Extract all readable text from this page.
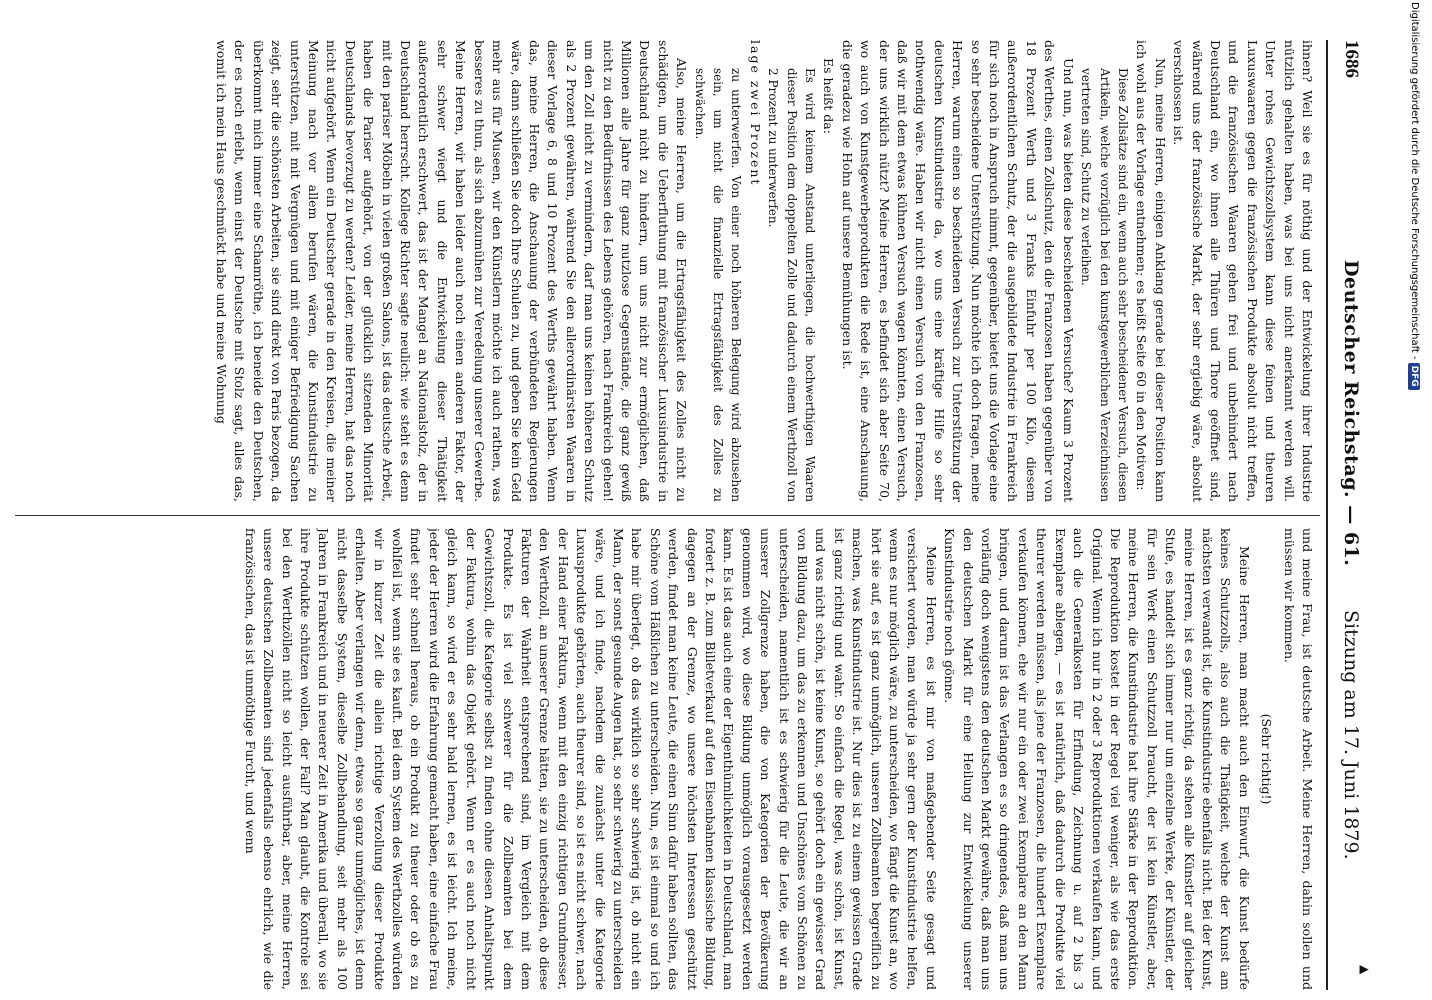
1686
Deutscher Reichstag. — 61.
Sitzung am 17. Juni 1879.
▲

ihnen? Weil sie es für nöthig und der Entwickelung ihrer Industrie nützlich gehalten haben, was bei uns nicht anerkannt werden will. Unter rohes Gewichtszollsystem kann diese feinen und theuren Luxuswaaren gegen die französischen Produkte absolut nicht treffen, und die französischen Waaren gehen frei und unbehindert nach Deutschland ein, wo ihnen alle Thüren und Thore geöffnet sind, während uns der französische Markt, der sehr ergiebig wäre, absolut verschlossen ist.

Nun, meine Herren, einigen Anklang gerade bei dieser Position kann ich wohl aus der Vorlage entnehmen; es heißt Seite 60 in den Motiven:

Diese Zollsätze sind ein, wenn auch sehr bescheidener Versuch, diesen Artikeln, welche vorzüglich bei den kunstgewerblichen Verzeichnissen vertreten sind, Schutz zu verleihen.

Und nun, was bieten diese bescheidenen Versuche? Kaum 3 Prozent des Werthes, einen Zollschutz, den die Franzosen haben gegenüber von 18 Prozent Werth und 3 Franks Einfuhr per 100 Kilo, diesem außerordentlichen Schutz, der die ausgebildete Industrie in Frankreich für sich noch in Anspruch nimmt, gegenüber, bietet uns die Vorlage eine so sehr bescheidene Unterstützung. Nun möchte ich doch fragen, meine Herren, warum einen so bescheidenen Versuch zur Unterstützung der deutschen Kunstindustrie da, wo uns eine kräftige Hilfe so sehr nothwendig wäre. Haben wir nicht einen Versuch von den Franzosen, daß wir mit dem etwas kühnen Versuch wagen könnten, einen Versuch, der uns wirklich nützt? Meine Herren, es befindet sich aber Seite 70, wo auch von Kunstgewerbeprodukten die Rede ist, eine Anschauung, die geradezu wie Hohn auf unsere Bemühungen ist.

Es heißt da:

Es wird keinem Anstand unterliegen, die hochwerthigen Waaren dieser Position dem doppelten Zolle und dadurch einem Werthzoll von 2 Prozent zu unterwerfen.

lage zwei Prozent

zu unterwerfen. Von einer noch höheren Belegung wird abzusehen sein, um nicht die finanzielle Ertragsfähigkeit des Zolles zu schwächen.

Also, meine Herren, um die Ertragsfähigkeit des Zolles nicht zu schädigen, um die Ueberfluthung mit französischer Luxusindustrie in Deutschland nicht zu hindern, um uns nicht zur ermöglichen, daß Millionen alle Jahre für ganz nutzlose Gegenstände, die ganz gewiß nicht zu den Bedürfnissen des Lebens gehören, nach Frankreich gehen! um den Zoll nicht zu vermindern, darf man uns keinen höheren Schutz als 2 Prozent gewähren, während Sie den allerordinärsten Waaren in dieser Vorlage 6, 8 und 10 Prozent des Werths gewährt haben. Wenn das, meine Herren, die Anschauung der verbündeten Regierungen wäre, dann schließen Sie doch Ihre Schulen zu, und geben Sie kein Geld mehr aus für Museen, wir den Künstlern möchte ich auch rathen, was besseres zu thun, als sich abzumühen zur Veredelung unserer Gewerbe. Meine Herren, wir haben leider auch noch einen anderen Faktor, der sehr schwer wiegt und die Entwickelung dieser Thätigkeit außerordentlich erschwert, das ist der Mangel an Nationalstolz, der in Deutschland herrscht. Kollege Richter sagte neulich: wie steht es denn mit den pariser Möbeln in vielen großen Salons, ist das deutsche Arbeit, haben die Pariser aufgehört, von der glücklich sitzenden Minorität Deutschlands bevorzugt zu werden? Leider, meine Herren, hat das noch nicht aufgehört. Wenn ein Deutscher gerade in den Kreisen, die meiner Meinung nach vor allem berufen wären, die Kunstindustrie zu unterstützen, mit mit Vergnügen und mit einiger Befriedigung Sachen zeigt, sehr die schönsten Arbeiten, sie sind direkt von Paris bezogen, da überkommt mich immer eine Schamröthe, ich beneide den Deutschen, der es noch erlebt, wenn einst der Deutsche mit Stolz sagt, alles das, womit ich mein Haus geschmückt habe und meine Wohnung

und meine Frau, ist deutsche Arbeit. Meine Herren, dahin sollen und müssen wir kommen.

(Sehr richtig!)

Meine Herren, man macht auch den Einwurf, die Kunst bedürfe keines Schutzzolls, also auch die Thätigkeit, welche der Kunst am nächsten verwandt ist, die Kunstindustrie ebenfalls nicht. Bei der Kunst, meine Herren, ist es ganz richtig, da stehen alle Künstler auf gleicher Stufe, es handelt sich immer nur um einzelne Werke, der Künstler, der für sein Werk einen Schutzzoll braucht, der ist kein Künstler, aber, meine Herren, die Kunstindustrie hat ihre Stärke in der Reproduktion. Die Reproduktion kostet in der Regel viel weniger, als wie das erste Original. Wenn ich nur in 2 oder 3 Reproduktionen verkaufen kann, und auch die Generalkosten für Erfindung, Zeichnung u. auf 2 bis 3 Exemplare ablegen, — es ist natürlich, daß dadurch die Produkte viel theurer werden müssen, als jene der Franzosen, die hundert Exemplare verkaufen können, ehe wir nur ein oder zwei Exemplare an den Mann bringen, und darum ist das Verlangen es so dringendes, daß man uns vorläufig doch wenigstens den deutschen Markt gewähre, daß man uns den deutschen Markt für eine Heilung zur Entwickelung unserer Kunstindustrie noch gönne.

Meine Herren, es ist mir von maßgebender Seite gesagt und versichert worden, man würde ja sehr gern der Kunstindustrie helfen, wenn es nur möglich wäre, zu unterscheiden, wo fängt die Kunst an, wo hört sie auf, es ist ganz unmöglich, unseren Zollbeamten begreiflich zu machen, was Kunstindustrie ist. Nur dies ist zu einem gewissen Grade ist ganz richtig und wahr. So einfach die Regel, was schön, ist Kunst, und was nicht schön, ist keine Kunst, so gehört doch ein gewisser Grad von Bildung dazu, um das zu erkennen und Unschönes vom Schönen zu unterscheiden, namentlich ist es schwierig für die Leute, die wir an unserer Zollgrenze haben, die von Kategorien der Bevölkerung genommen wird, wo diese Bildung unmöglich vorausgesetzt werden kann. Es ist das auch eine der Eigenthümlichkeiten in Deutschland, man fordert z. B. zum Billetverkauf auf den Eisenbahnen klassische Bildung, dagegen an der Grenze, wo unsere höchsten Interessen geschützt werden, findet man keine Leute, die einen Sinn dafür haben sollten, das Schöne vom Häßlichen zu unterscheiden. Nun, es ist einmal so und ich habe mir überlegt, ob das wirklich so sehr schwierig ist, ob nicht ein Mann, der sonst gesunde Augen hat, so sehr schwierig zu unterscheiden wäre, und ich finde, nachdem die zunächst unter die Kategorie Luxusprodukte gehörten, auch theurer sind, so ist es nicht schwer, nach der Hand einer Faktura, wenn mit den einzig richtigen Grundmesser, den Werthzoll, an unserer Grenze hätten, sie zu unterscheiden, ob diese Fakturen der Wahrheit entsprechend sind, im Vergleich mit dem Produkte. Es ist viel schwerer für die Zollbeamten bei dem Gewichtszoll, die Kategorie selbst zu finden ohne diesen Anhaltspunkt der Faktura, wohin das Objekt gehört. Wenn er es auch noch nicht gleich kann, so wird er es sehr bald lernen, es ist leicht. Ich meine, jeder der Herren wird die Erfahrung gemacht haben, eine einfache Frau findet sehr schnell heraus, ob ein Produkt zu theuer oder ob es zu wohlfeil ist, wenn sie es kauft. Bei dem System des Werthzolles würden wir in kurzer Zeit die allein richtige Verzollung dieser Produkte erhalten. Aber verlangen wir denn, etwas so ganz unmögliches, ist denn nicht dasselbe System, dieselbe Zollbehandlung, seit mehr als 100 Jahren in Frankreich und in neuerer Zeit in Amerika und überall, wo sie ihre Produkte schützen wollen, der Fall? Man glaubt, die Kontrole sei bei den Werthzöllen nicht so leicht ausführbar, aber, meine Herren, unsere deutschen Zollbeamten sind jedenfalls ebenso ehrlich, wie die französischen, das ist unmöthige Furcht, und wenn

Digitalisierung gefördert durch die Deutsche Forschungsgemeinschaft -DFG
